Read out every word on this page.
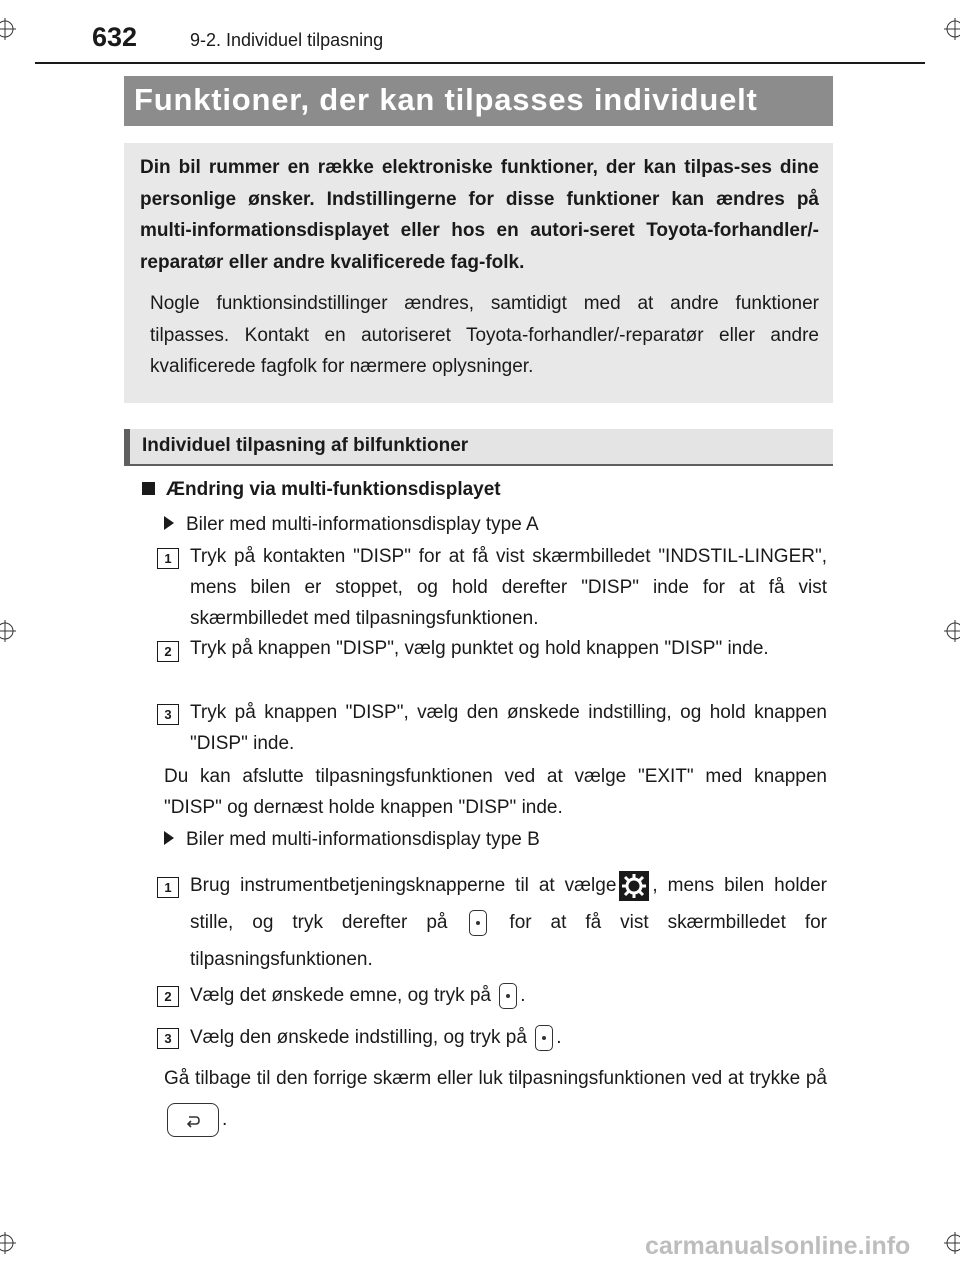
632	9-2. Individuel tilpasning
Funktioner, der kan tilpasses individuelt
Din bil rummer en række elektroniske funktioner, der kan tilpas-ses dine personlige ønsker. Indstillingerne for disse funktioner kan ændres på multi-informationsdisplayet eller hos en autori-seret Toyota-forhandler/-reparatør eller andre kvalificerede fag-folk.
Nogle funktionsindstillinger ændres, samtidigt med at andre funktioner tilpasses. Kontakt en autoriseret Toyota-forhandler/-reparatør eller andre kvalificerede fagfolk for nærmere oplysninger.
Individuel tilpasning af bilfunktioner
Ændring via multi-funktionsdisplayet
Biler med multi-informationsdisplay type A
1 Tryk på kontakten "DISP" for at få vist skærmbilledet "INDSTIL-LINGER", mens bilen er stoppet, og hold derefter "DISP" inde for at få vist skærmbilledet med tilpasningsfunktionen.
2 Tryk på knappen "DISP", vælg punktet og hold knappen "DISP" inde.
3 Tryk på knappen "DISP", vælg den ønskede indstilling, og hold knappen "DISP" inde.
Du kan afslutte tilpasningsfunktionen ved at vælge "EXIT" med knappen "DISP" og dernæst holde knappen "DISP" inde.
Biler med multi-informationsdisplay type B
1 Brug instrumentbetjeningsknapperne til at vælge , mens bilen holder stille, og tryk derefter på	for at få vist skærmbilledet for tilpasningsfunktionen.
2 Vælg det ønskede emne, og tryk på .
3 Vælg den ønskede indstilling, og tryk på .
Gå tilbage til den forrige skærm eller luk tilpasningsfunktionen ved at trykke på .
carmanualsonline.info
